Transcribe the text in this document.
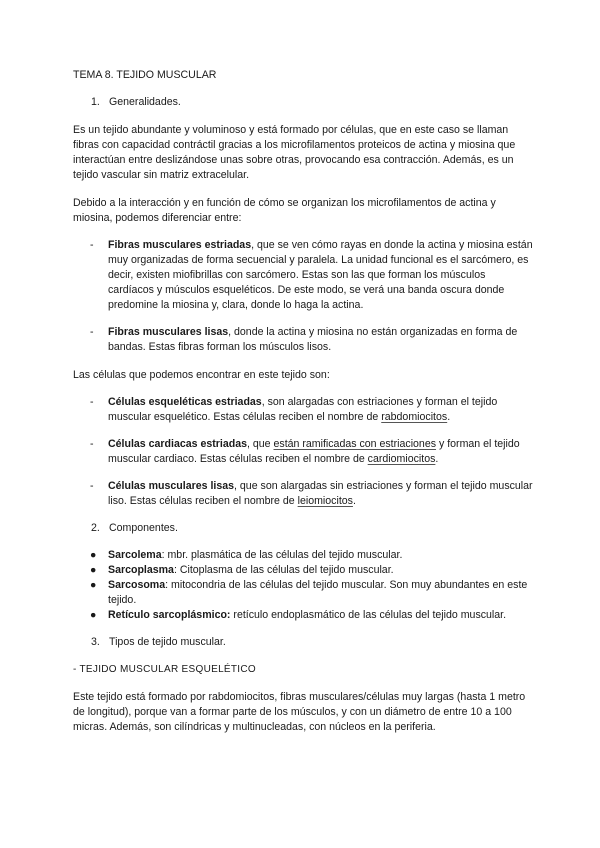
TEMA 8. TEJIDO MUSCULAR

1. Generalidades.

Es un tejido abundante y voluminoso y está formado por células, que en este caso se llaman fibras con capacidad contráctil gracias a los microfilamentos proteicos de actina y miosina que interactúan entre deslizándose unas sobre otras, provocando esa contracción. Además, es un tejido vascular sin matriz extracelular.

Debido a la interacción y en función de cómo se organizan los microfilamentos de actina y miosina, podemos diferenciar entre:

-	Fibras musculares estriadas, que se ven cómo rayas en donde la actina y miosina están muy organizadas de forma secuencial y paralela. La unidad funcional es el sarcómero, es decir, existen miofibrillas con sarcómero. Estas son las que forman los músculos cardíacos y músculos esqueléticos. De este modo, se verá una banda oscura donde predomine la miosina y, clara, donde lo haga la actina.
-	Fibras musculares lisas, donde la actina y miosina no están organizadas en forma de bandas. Estas fibras forman los músculos lisos.

Las células que podemos encontrar en este tejido son:

-	Células esqueléticas estriadas, son alargadas con estriaciones y forman el tejido muscular esquelético. Estas células reciben el nombre de rabdomiocitos.
-	Células cardiacas estriadas, que están ramificadas con estriaciones y forman el tejido muscular cardiaco. Estas células reciben el nombre de cardiomiocitos.
-	Células musculares lisas, que son alargadas sin estriaciones y forman el tejido muscular liso. Estas células reciben el nombre de leiomiocitos.
2. Componentes.
●	Sarcolema: mbr. plasmática de las células del tejido muscular.
●	Sarcoplasma: Citoplasma de las células del tejido muscular.
●	Sarcosoma: mitocondria de las células del tejido muscular. Son muy abundantes en este tejido.
●	Retículo sarcoplásmico: retículo endoplasmático de las células del tejido muscular.
3. Tipos de tejido muscular.

- TEJIDO MUSCULAR ESQUELÉTICO

Este tejido está formado por rabdomiocitos, fibras musculares/células muy largas (hasta 1 metro de longitud), porque van a formar parte de los músculos, y con un diámetro de entre 10 a 100 micras. Además, son cilíndricas y multinucleadas, con núcleos en la periferia.
